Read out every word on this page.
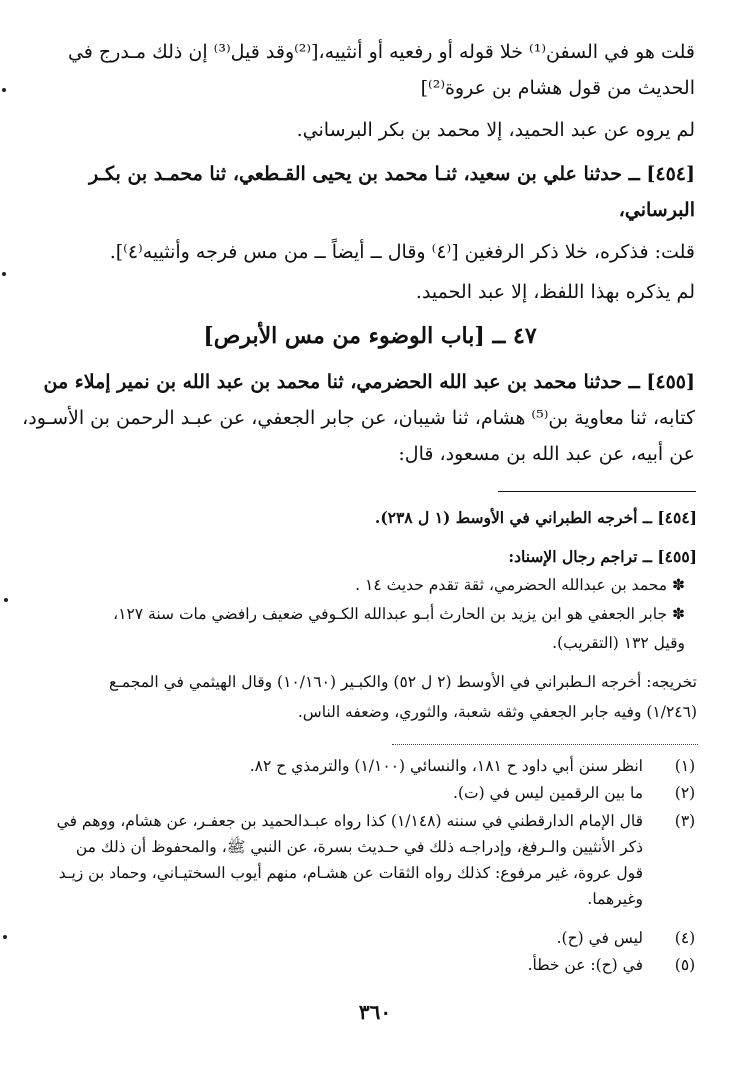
قلت هو في السفن⁽¹⁾ خلا قوله أو رفعيه أو أنثييه،[⁽²⁾وقد قيل⁽³⁾ إن ذلك مـدرج في
الحديث من قول هشام بن عروة⁽²⁾]
لم يروه عن عبد الحميد، إلا محمد بن بكر البرساني.
[٤٥٤] ــ حدثنا علي بن سعيد، ثنـا محمد بن يحيى القـطعي، ثنا محمـد بن بكـر
البرساني،
قلت: فذكره، خلا ذكر الرفغين [⁽٤⁾ وقال ــ أيضاً ــ من مس فرجه وأنثييه⁽٤⁾].
لم يذكره بهذا اللفظ، إلا عبد الحميد.
٤٧ ــ [باب الوضوء من مس الأبرص]
[٤٥٥] ــ حدثنا محمد بن عبد الله الحضرمي، ثنا محمد بن عبد الله بن نمير إملاء من
كتابه، ثنا معاوية بن⁽⁵⁾ هشام، ثنا شيبان، عن جابر الجعفي، عن عبـد الرحمن بن الأسـود،
عن أبيه، عن عبد الله بن مسعود، قال:
[٤٥٤] ــ أخرجه الطبراني في الأوسط (١ ل ٢٣٨).
[٤٥٥] ــ تراجم رجال الإسناد:
✽ محمد بن عبدالله الحضرمي، ثقة تقدم حديث ١٤ .
✽ جابر الجعفي هو ابن يزيد بن الحارث أبـو عبدالله الكـوفي ضعيف رافضي مات سنة ١٢٧،
وقيل ١٣٢ (التقريب).
تخريجه: أخرجه الـطبراني في الأوسط (٢ ل ٥٢) والكبـير (١٠/١٦٠) وقال الهيثمي في المجمـع
(١/٢٤٦) وفيه جابر الجعفي وثقه شعبة، والثوري، وضعفه الناس.
(١)
انظر سنن أبي داود ح ١٨١، والنسائي (١/١٠٠) والترمذي ح ٨٢.
(٢)
ما بين الرقمين ليس في (ت).
(٣)
قال الإمام الدارقطني في سننه (١/١٤٨) كذا رواه عبـدالحميد بن جعفـر، عن هشام، ووهم في
ذكر الأنثيين والـرفغ، وإدراجـه ذلك في حـديث بسرة، عن النبي ﷺ، والمحفوظ أن ذلك من
قول عروة، غير مرفوع: كذلك رواه الثقات عن هشـام، منهم أيوب السختيـاني، وحماد بن زيـد
وغيرهما.
(٤)
ليس في (ح).
(٥)
في (ح): عن خطأ.
٣٦٠
